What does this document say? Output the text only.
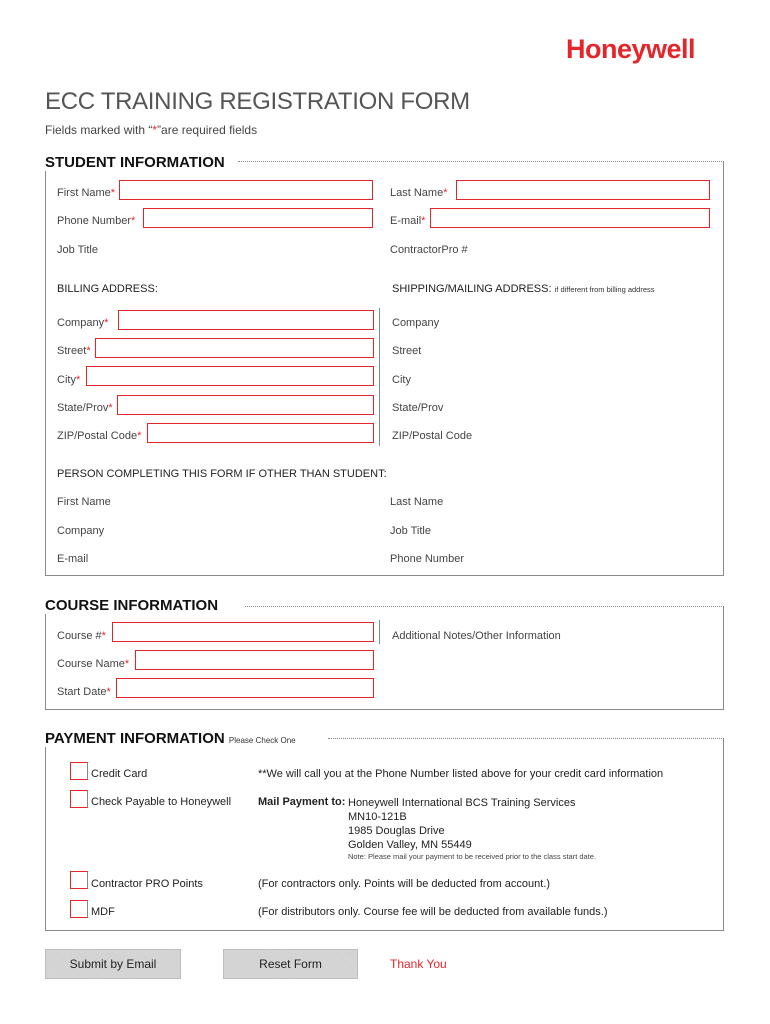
Honeywell
ECC TRAINING REGISTRATION FORM
Fields marked with “*”are required fields
STUDENT INFORMATION
First Name*	Last Name*
Phone Number*	E-mail*
Job Title	ContractorPro #
BILLING ADDRESS:	SHIPPING/MAILING ADDRESS: if different from billing address
Company*	Company
Street*	Street
City*	City
State/Prov*	State/Prov
ZIP/Postal Code*	ZIP/Postal Code
PERSON COMPLETING THIS FORM IF OTHER THAN STUDENT:
First Name	Last Name
Company	Job Title
E-mail	Phone Number
COURSE INFORMATION
Course #*	Additional Notes/Other Information
Course Name*
Start Date*
PAYMENT INFORMATION Please Check One
Credit Card	**We will call you at the Phone Number listed above for your credit card information
Check Payable to Honeywell Mail Payment to: Honeywell International BCS Training Services
MN10-121B
1985 Douglas Drive
Golden Valley, MN 55449
Note: Please mail your payment to be received prior to the class start date.
Contractor PRO Points	(For contractors only. Points will be deducted from account.)
MDF	(For distributors only. Course fee will be deducted from available funds.)
Submit by Email	Reset Form	Thank You
